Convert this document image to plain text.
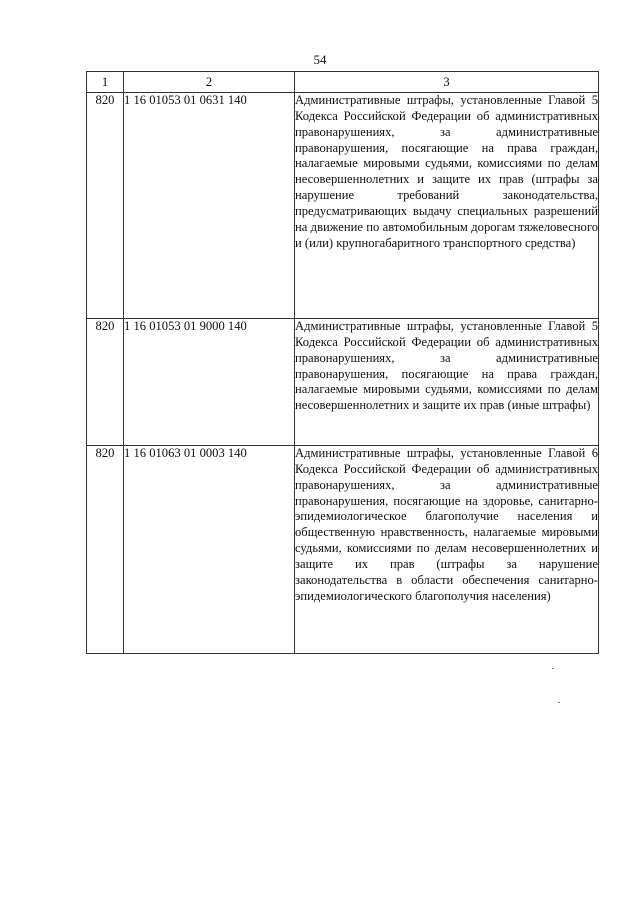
54
1	2	3
820	1 16 01053 01 0631 140	Административные штрафы, установленные Главой 5 Кодекса Российской Федерации об административных правонарушениях, за административные правонарушения, посягающие на права граждан, налагаемые мировыми судьями, комиссиями по делам несовершеннолетних и защите их прав (штрафы за нарушение требований законодательства, предусматривающих выдачу специальных разрешений на движение по автомобильным дорогам тяжеловесного и (или) крупногабаритного транспортного средства)
820	1 16 01053 01 9000 140	Административные штрафы, установленные Главой 5 Кодекса Российской Федерации об административных правонарушениях, за административные правонарушения, посягающие на права граждан, налагаемые мировыми судьями, комиссиями по делам несовершеннолетних и защите их прав (иные штрафы)
820	1 16 01063 01 0003 140	Административные штрафы, установленные Главой 6 Кодекса Российской Федерации об административных правонарушениях, за административные правонарушения, посягающие на здоровье, санитарно-эпидемиологическое благополучие населения и общественную нравственность, налагаемые мировыми судьями, комиссиями по делам несовершеннолетних и защите их прав (штрафы за нарушение законодательства в области обеспечения санитарно-эпидемиологического благополучия населения)
